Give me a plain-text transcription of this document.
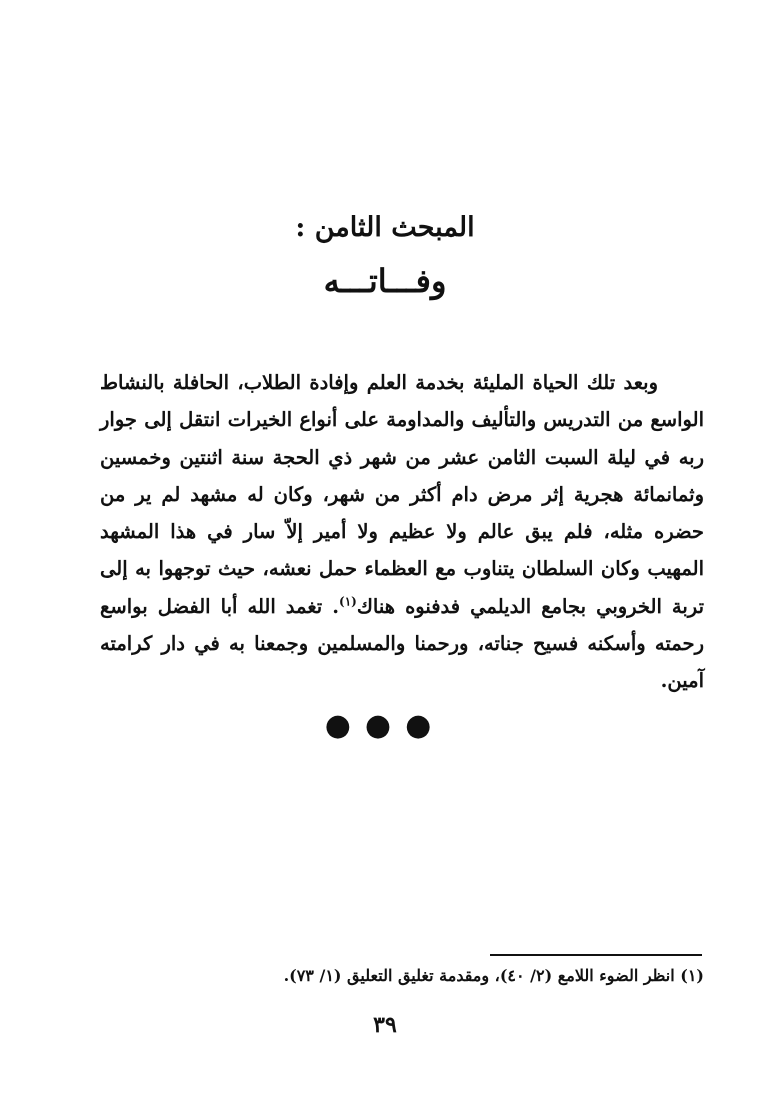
المبحث الثامن :
وفـــاتـــه
وبعد تلك الحياة المليئة بخدمة العلم وإفادة الطلاب، الحافلة بالنشاط الواسع من التدريس والتأليف والمداومة على أنواع الخيرات انتقل إلى جوار ربه في ليلة السبت الثامن عشر من شهر ذي الحجة سنة اثنتين وخمسين وثمانمائة هجرية إثر مرض دام أكثر من شهر، وكان له مشهد لم ير من حضره مثله، فلم يبق عالم ولا عظيم ولا أمير إلاّ سار في هذا المشهد المهيب وكان السلطان يتناوب مع العظماء حمل نعشه، حيث توجهوا به إلى تربة الخروبي بجامع الديلمي فدفنوه هناك$^{(١)}$. تغمد الله أبا الفضل بواسع رحمته وأسكنه فسيح جناته، ورحمنا والمسلمين وجمعنا به في دار كرامته آمين.
●●●
(١) انظر الضوء اللامع (٢/ ٤٠)، ومقدمة تغليق التعليق (١/ ٧٣).
٣٩
